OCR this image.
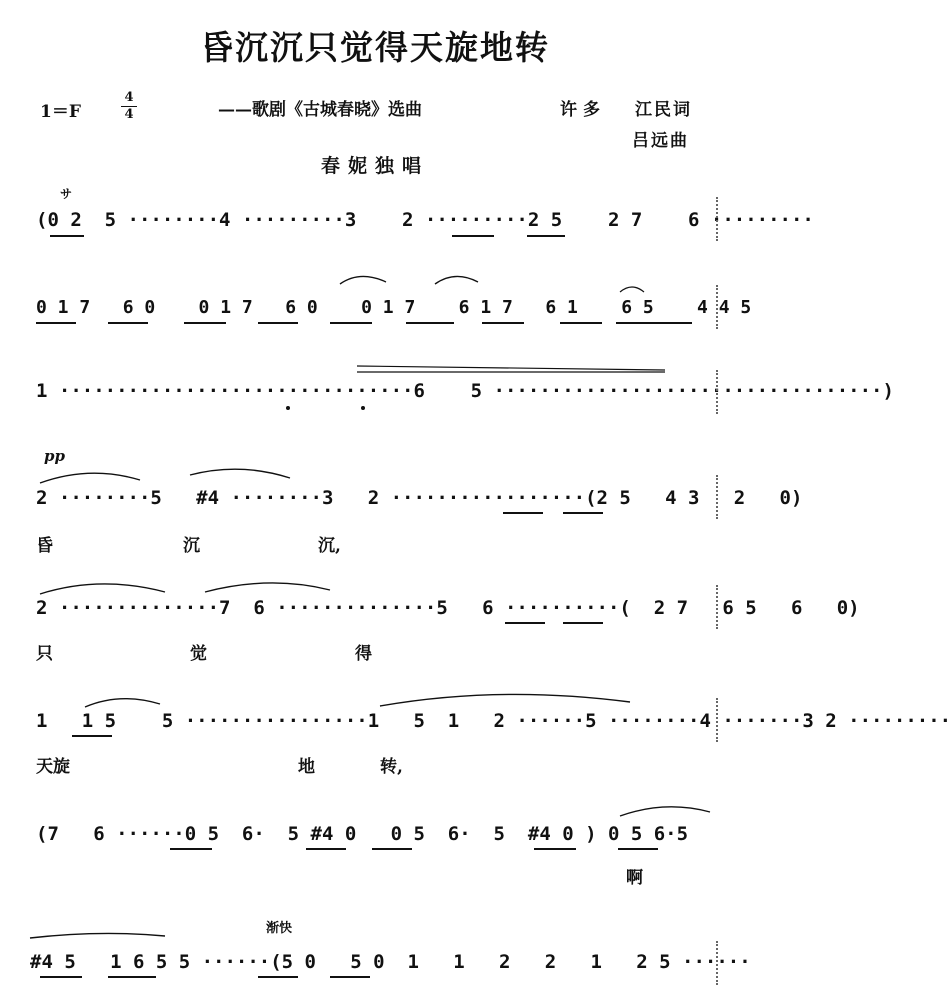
昏沉沉只觉得天旋地转
1＝F
4
4	——歌剧《古城春晓》选曲	许多 江民词
吕远曲
春妮独唱
サ
(0 2  5 ········4 ·········3    2 ·········2 5    2 7    6 ·········
0 1 7   6 0    0 1 7   6 0    0 1 7    6 1 7   6 1    6 5    4 4 5
1 ·······························6    5 ··································)
pp
2 ········5   #4 ········3   2 ·················(2 5   4 3   2   0)
昏	沉	沉,
2 ··············7  6 ··············5   6 ··········(  2 7   6 5   6   0)
只	觉	得
1   1 5    5 ················1   5  1   2 ······5 ········4 ·······3 2 ·········
天旋	地	转,
(7   6 ······0 5  6·  5 #4 0   0 5  6·  5  #4 0 ) 0 5 6·5
啊
渐快
#4 5   1 6 5 5 ······(5 0   5 0  1   1   2   2   1   2 5 ······
